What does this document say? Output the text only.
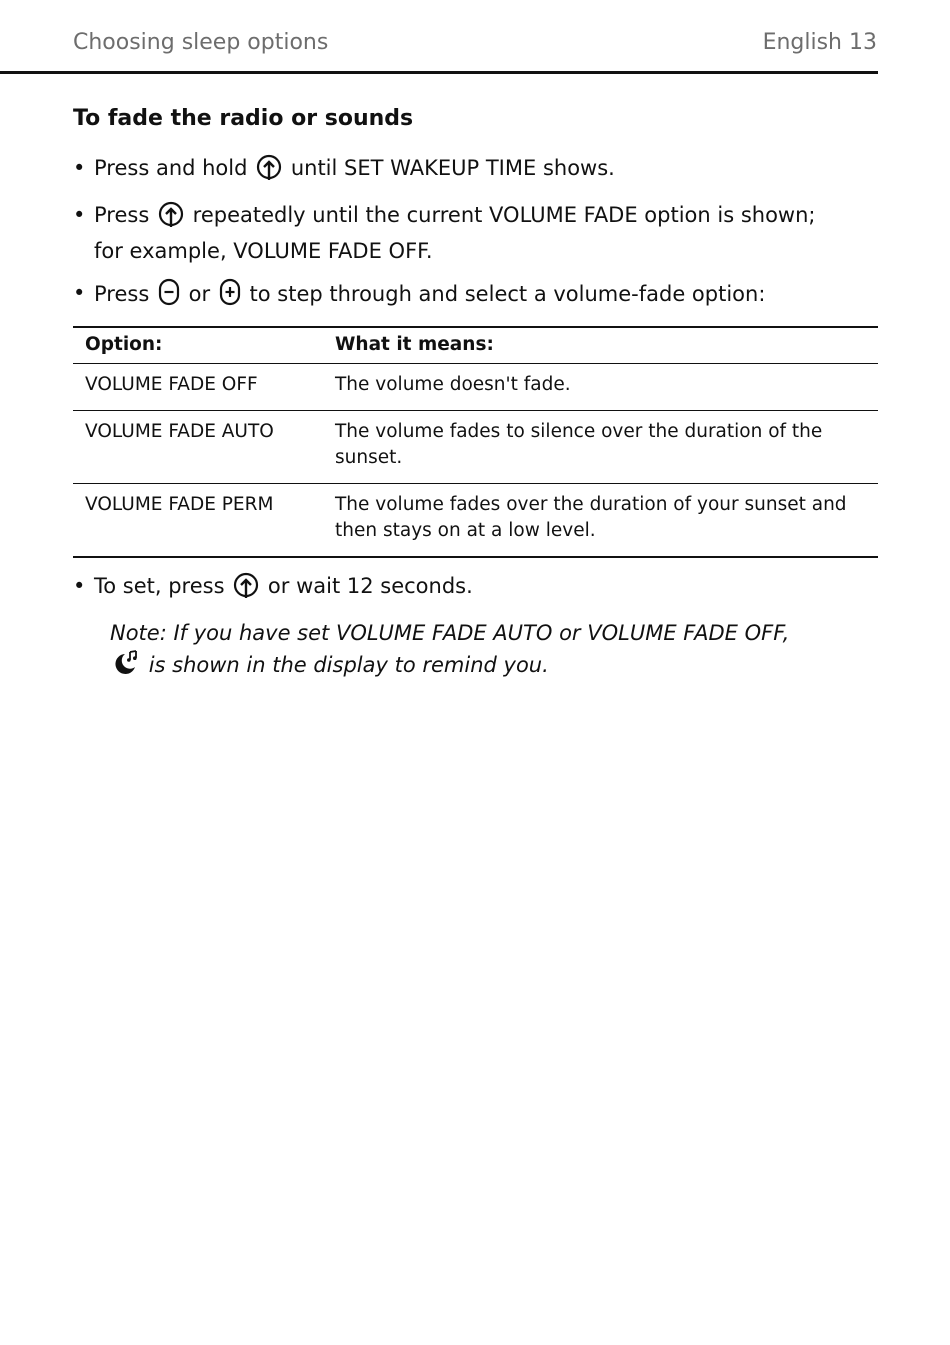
Choosing sleep options	English 13
To fade the radio or sounds
• Press and hold until SET WAKEUP TIME shows.
• Press repeatedly until the current VOLUME FADE option is shown; for example, VOLUME FADE OFF.
• Press or to step through and select a volume-fade option:
Option:	What it means:
VOLUME FADE OFF	The volume doesn't fade.
VOLUME FADE AUTO	The volume fades to silence over the duration of the sunset.
VOLUME FADE PERM	The volume fades over the duration of your sunset and then stays on at a low level.
• To set, press or wait 12 seconds.
Note: If you have set VOLUME FADE AUTO or VOLUME FADE OFF,  is shown in the display to remind you.
